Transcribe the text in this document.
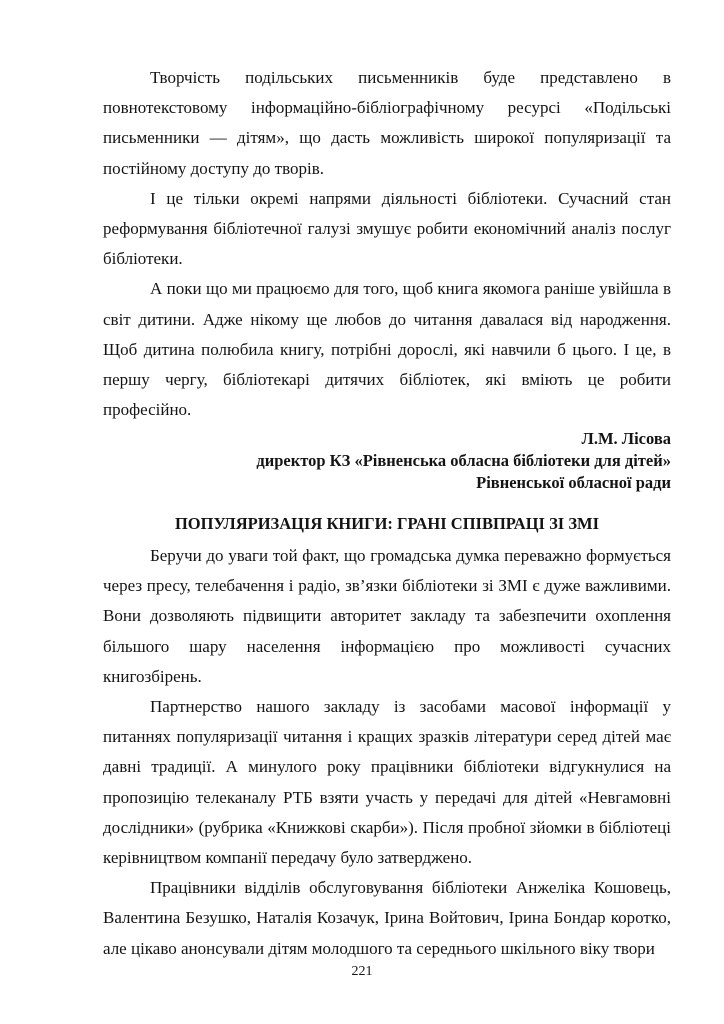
Творчість подільських письменників буде представлено в повнотекстовому інформаційно-бібліографічному ресурсі «Подільські письменники — дітям», що дасть можливість широкої популяризації та постійному доступу до творів.

І це тільки окремі напрями діяльності бібліотеки. Сучасний стан реформування бібліотечної галузі змушує робити економічний аналіз послуг бібліотеки.

А поки що ми працюємо для того, щоб книга якомога раніше увійшла в світ дитини. Адже нікому ще любов до читання давалася від народження. Щоб дитина полюбила книгу, потрібні дорослі, які навчили б цього. І це, в першу чергу, бібліотекарі дитячих бібліотек, які вміють це робити професійно.

Л.М. Лісова
директор КЗ «Рівненська обласна бібліотеки для дітей»
Рівненської обласної ради
ПОПУЛЯРИЗАЦІЯ КНИГИ: ГРАНІ СПІВПРАЦІ ЗІ ЗМІ

Беручи до уваги той факт, що громадська думка переважно формується через пресу, телебачення і радіо, зв’язки бібліотеки зі ЗМІ є дуже важливими. Вони дозволяють підвищити авторитет закладу та забезпечити охоплення більшого шару населення інформацією про можливості сучасних книгозбірень.

Партнерство нашого закладу із засобами масової інформації у питаннях популяризації читання і кращих зразків літератури серед дітей має давні традиції. А минулого року працівники бібліотеки відгукнулися на пропозицію телеканалу РТБ взяти участь у передачі для дітей «Невгамовні дослідники» (рубрика «Книжкові скарби»). Після пробної зйомки в бібліотеці керівництвом компанії передачу було затверджено.

Працівники відділів обслуговування бібліотеки Анжеліка Кошовець, Валентина Безушко, Наталія Козачук, Ірина Войтович, Ірина Бондар коротко, але цікаво анонсували дітям молодшого та середнього шкільного віку твори

221
